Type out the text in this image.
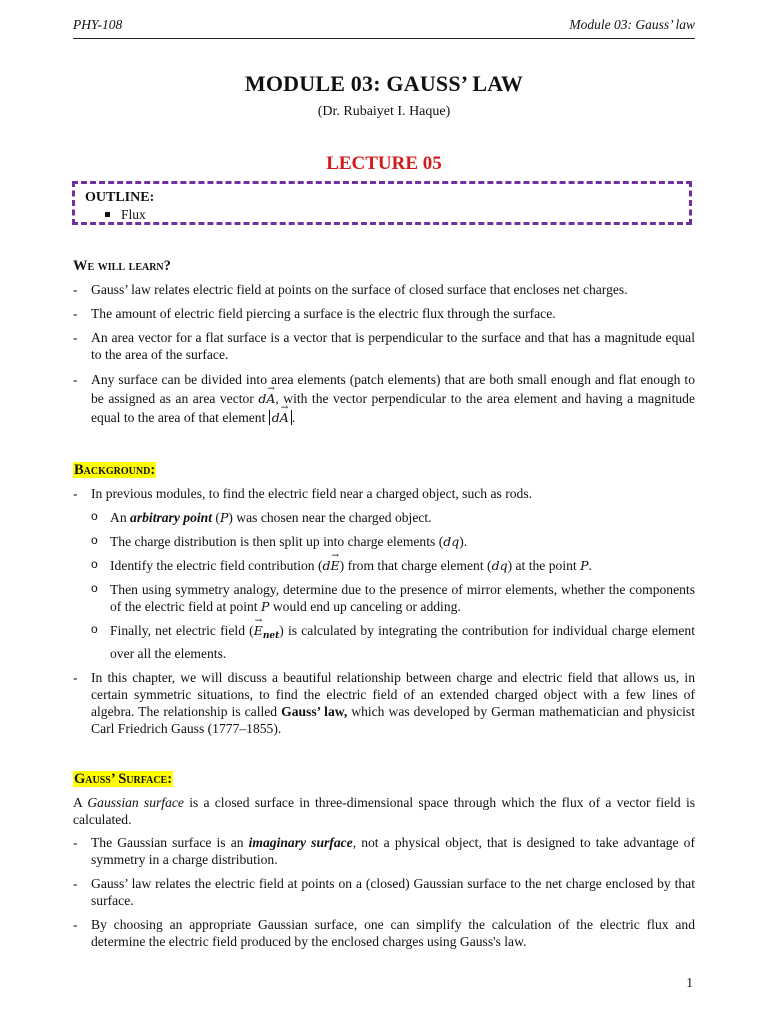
PHY-108	Module 03: Gauss’ law
MODULE 03: GAUSS’ LAW
(Dr. Rubaiyet I. Haque)
LECTURE 05
OUTLINE:
Flux
We will learn?
- Gauss’ law relates electric field at points on the surface of closed surface that encloses net charges.
- The amount of electric field piercing a surface is the electric flux through the surface.
- An area vector for a flat surface is a vector that is perpendicular to the surface and that has a magnitude equal to the area of the surface.
- Any surface can be divided into area elements (patch elements) that are both small enough and flat enough to be assigned as an area vector dA →, with the vector perpendicular to the area element and having a magnitude equal to the area of that element dA → .
Background:
- In previous modules, to find the electric field near a charged object, such as rods.
o An arbitrary point (P) was chosen near the charged object.
o The charge distribution is then split up into charge elements (dq).
o Identify the electric field contribution (dE →) from that charge element (dq) at the point P.
o Then using symmetry analogy, determine due to the presence of mirror elements, whether the components of the electric field at point P would end up canceling or adding.
o Finally, net electric field $(E \to_{net})$ is calculated by integrating the contribution for individual charge element over all the elements.
- In this chapter, we will discuss a beautiful relationship between charge and electric field that allows us, in certain symmetric situations, to find the electric field of an extended charged object with a few lines of algebra. The relationship is called Gauss’ law, which was developed by German mathematician and physicist Carl Friedrich Gauss (1777–1855).
Gauss’ Surface:
A Gaussian surface is a closed surface in three-dimensional space through which the flux of a vector field is calculated.
- The Gaussian surface is an imaginary surface, not a physical object, that is designed to take advantage of symmetry in a charge distribution.
- Gauss’ law relates the electric field at points on a (closed) Gaussian surface to the net charge enclosed by that surface.
- By choosing an appropriate Gaussian surface, one can simplify the calculation of the electric flux and determine the electric field produced by the enclosed charges using Gauss's law.
1
